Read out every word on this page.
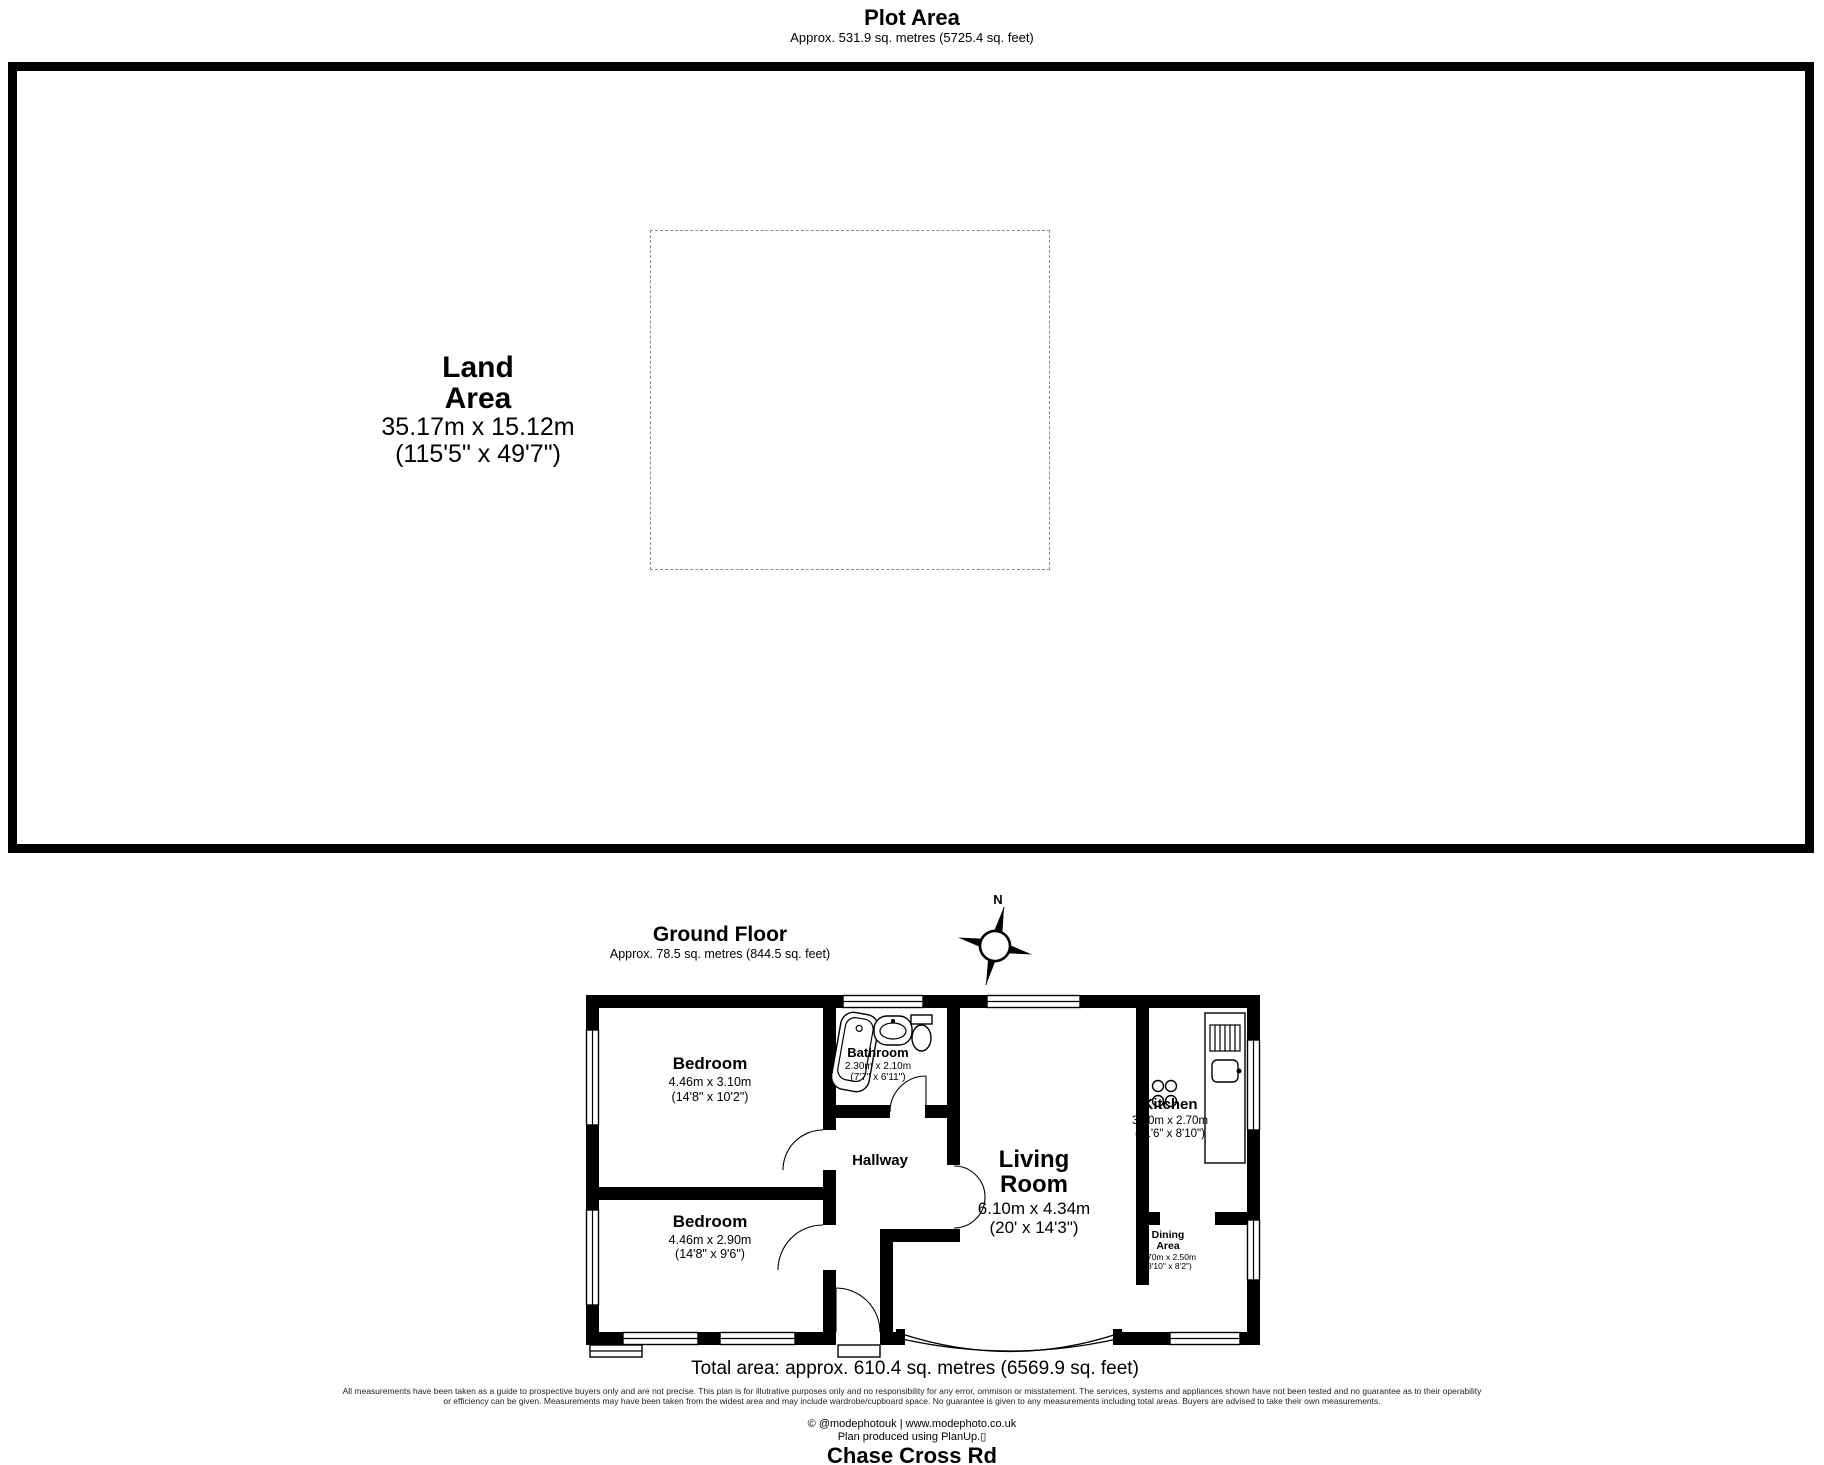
Plot Area
Approx. 531.9 sq. metres (5725.4 sq. feet)
Land
Area
35.17m x 15.12m
(115'5" x 49'7")
Ground Floor
Approx. 78.5 sq. metres (844.5 sq. feet)
N
Bedroom
4.46m x 3.10m
(14'8" x 10'2")
Bathroom
2.30m x 2.10m
(7'7" x 6'11")
Hallway	Living
Room
6.10m x 4.34m
(20' x 14'3")
Kitchen
3.50m x 2.70m
(11'6" x 8'10")
Bedroom
4.46m x 2.90m
(14'8" x 9'6")
Dining
Area
2.70m x 2.50m
(8'10" x 8'2")
Total area: approx. 610.4 sq. metres (6569.9 sq. feet)
All measurements have been taken as a guide to prospective buyers only and are not precise. This plan is for illutrative purposes only and no responsibility for any error, ommison or misstatement. The services, systems and appliances shown have not been tested and no guarantee as to their operability
or efficiency can be given. Measurements may have been taken from the widest area and may include wardrobe/cupboard space. No guarantee is given to any measurements including total areas. Buyers are advised to take their own measurements.
© @modephotouk | www.modephoto.co.uk
Plan produced using PlanUp.▯
Chase Cross Rd
